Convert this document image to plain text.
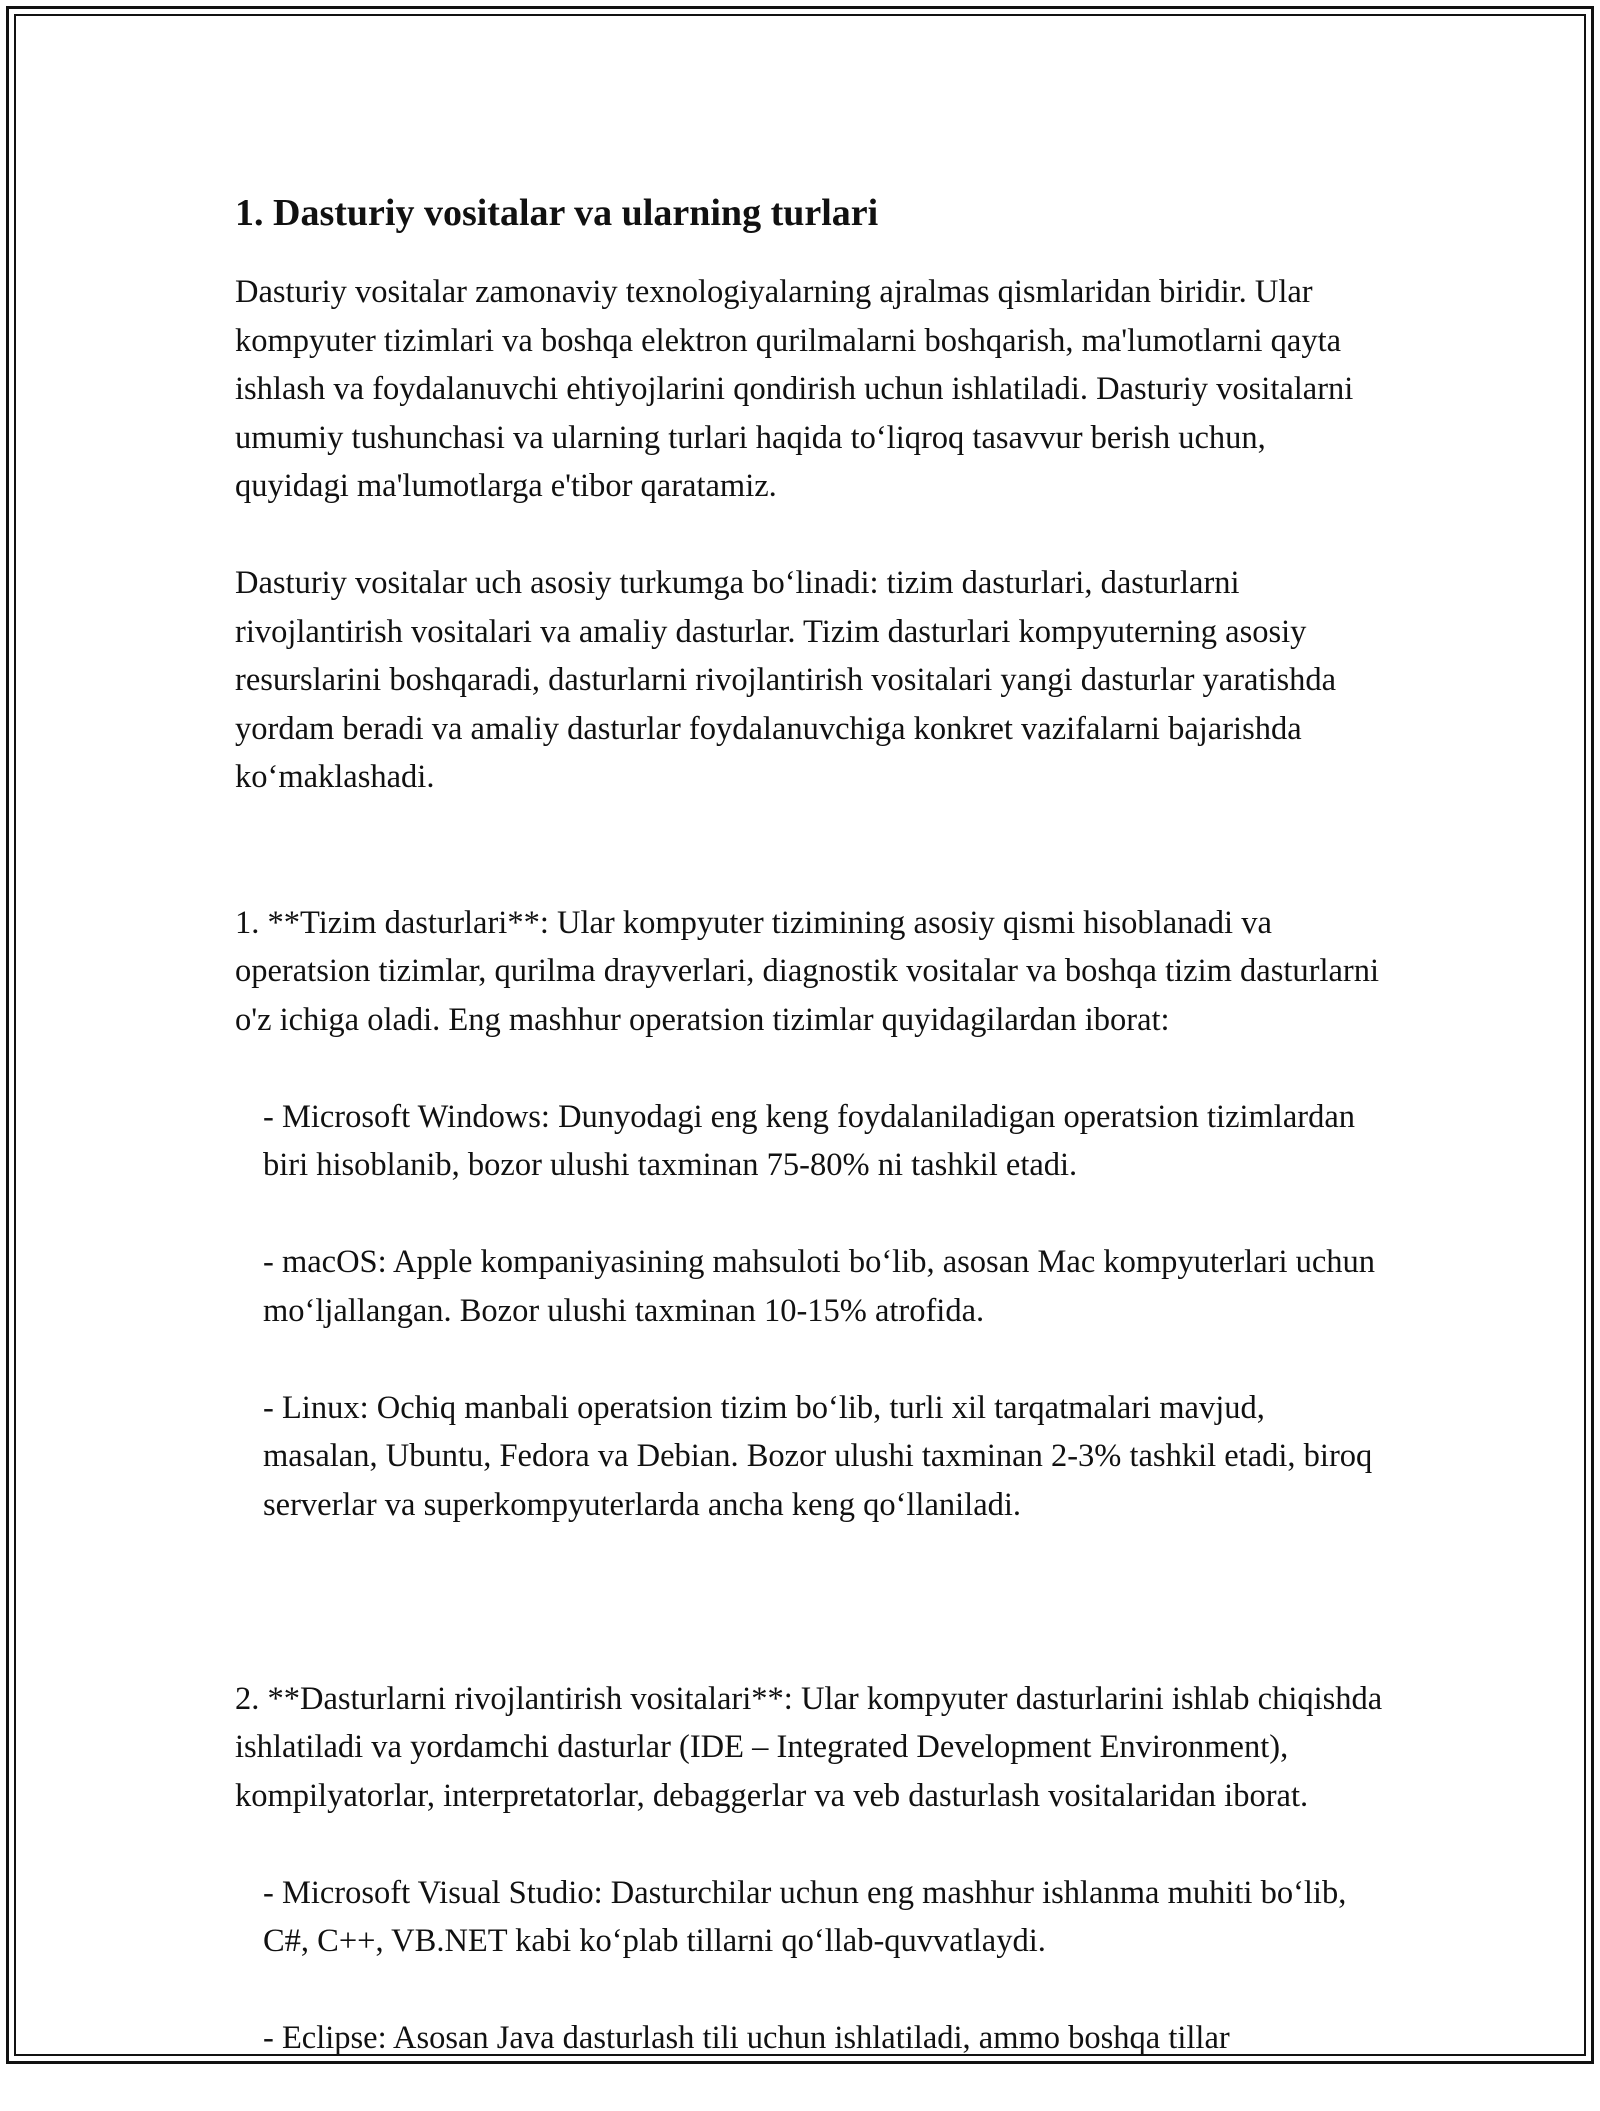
1. Dasturiy vositalar va ularning turlari

Dasturiy vositalar zamonaviy texnologiyalarning ajralmas qismlaridan biridir. Ular kompyuter tizimlari va boshqa elektron qurilmalarni boshqarish, ma'lumotlarni qayta ishlash va foydalanuvchi ehtiyojlarini qondirish uchun ishlatiladi. Dasturiy vositalarni umumiy tushunchasi va ularning turlari haqida to‘liqroq tasavvur berish uchun, quyidagi ma'lumotlarga e'tibor qaratamiz.

Dasturiy vositalar uch asosiy turkumga bo‘linadi: tizim dasturlari, dasturlarni rivojlantirish vositalari va amaliy dasturlar. Tizim dasturlari kompyuterning asosiy resurslarini boshqaradi, dasturlarni rivojlantirish vositalari yangi dasturlar yaratishda yordam beradi va amaliy dasturlar foydalanuvchiga konkret vazifalarni bajarishda ko‘maklashadi.

1. **Tizim dasturlari**: Ular kompyuter tizimining asosiy qismi hisoblanadi va operatsion tizimlar, qurilma drayverlari, diagnostik vositalar va boshqa tizim dasturlarni o'z ichiga oladi. Eng mashhur operatsion tizimlar quyidagilardan iborat:

- Microsoft Windows: Dunyodagi eng keng foydalaniladigan operatsion tizimlardan biri hisoblanib, bozor ulushi taxminan 75-80% ni tashkil etadi.

- macOS: Apple kompaniyasining mahsuloti bo‘lib, asosan Mac kompyuterlari uchun mo‘ljallangan. Bozor ulushi taxminan 10-15% atrofida.

- Linux: Ochiq manbali operatsion tizim bo‘lib, turli xil tarqatmalari mavjud, masalan, Ubuntu, Fedora va Debian. Bozor ulushi taxminan 2-3% tashkil etadi, biroq serverlar va superkompyuterlarda ancha keng qo‘llaniladi.

2. **Dasturlarni rivojlantirish vositalari**: Ular kompyuter dasturlarini ishlab chiqishda ishlatiladi va yordamchi dasturlar (IDE – Integrated Development Environment), kompilyatorlar, interpretatorlar, debaggerlar va veb dasturlash vositalaridan iborat.

- Microsoft Visual Studio: Dasturchilar uchun eng mashhur ishlanma muhiti bo‘lib, C#, C++, VB.NET kabi ko‘plab tillarni qo‘llab-quvvatlaydi.

- Eclipse: Asosan Java dasturlash tili uchun ishlatiladi, ammo boshqa tillar
